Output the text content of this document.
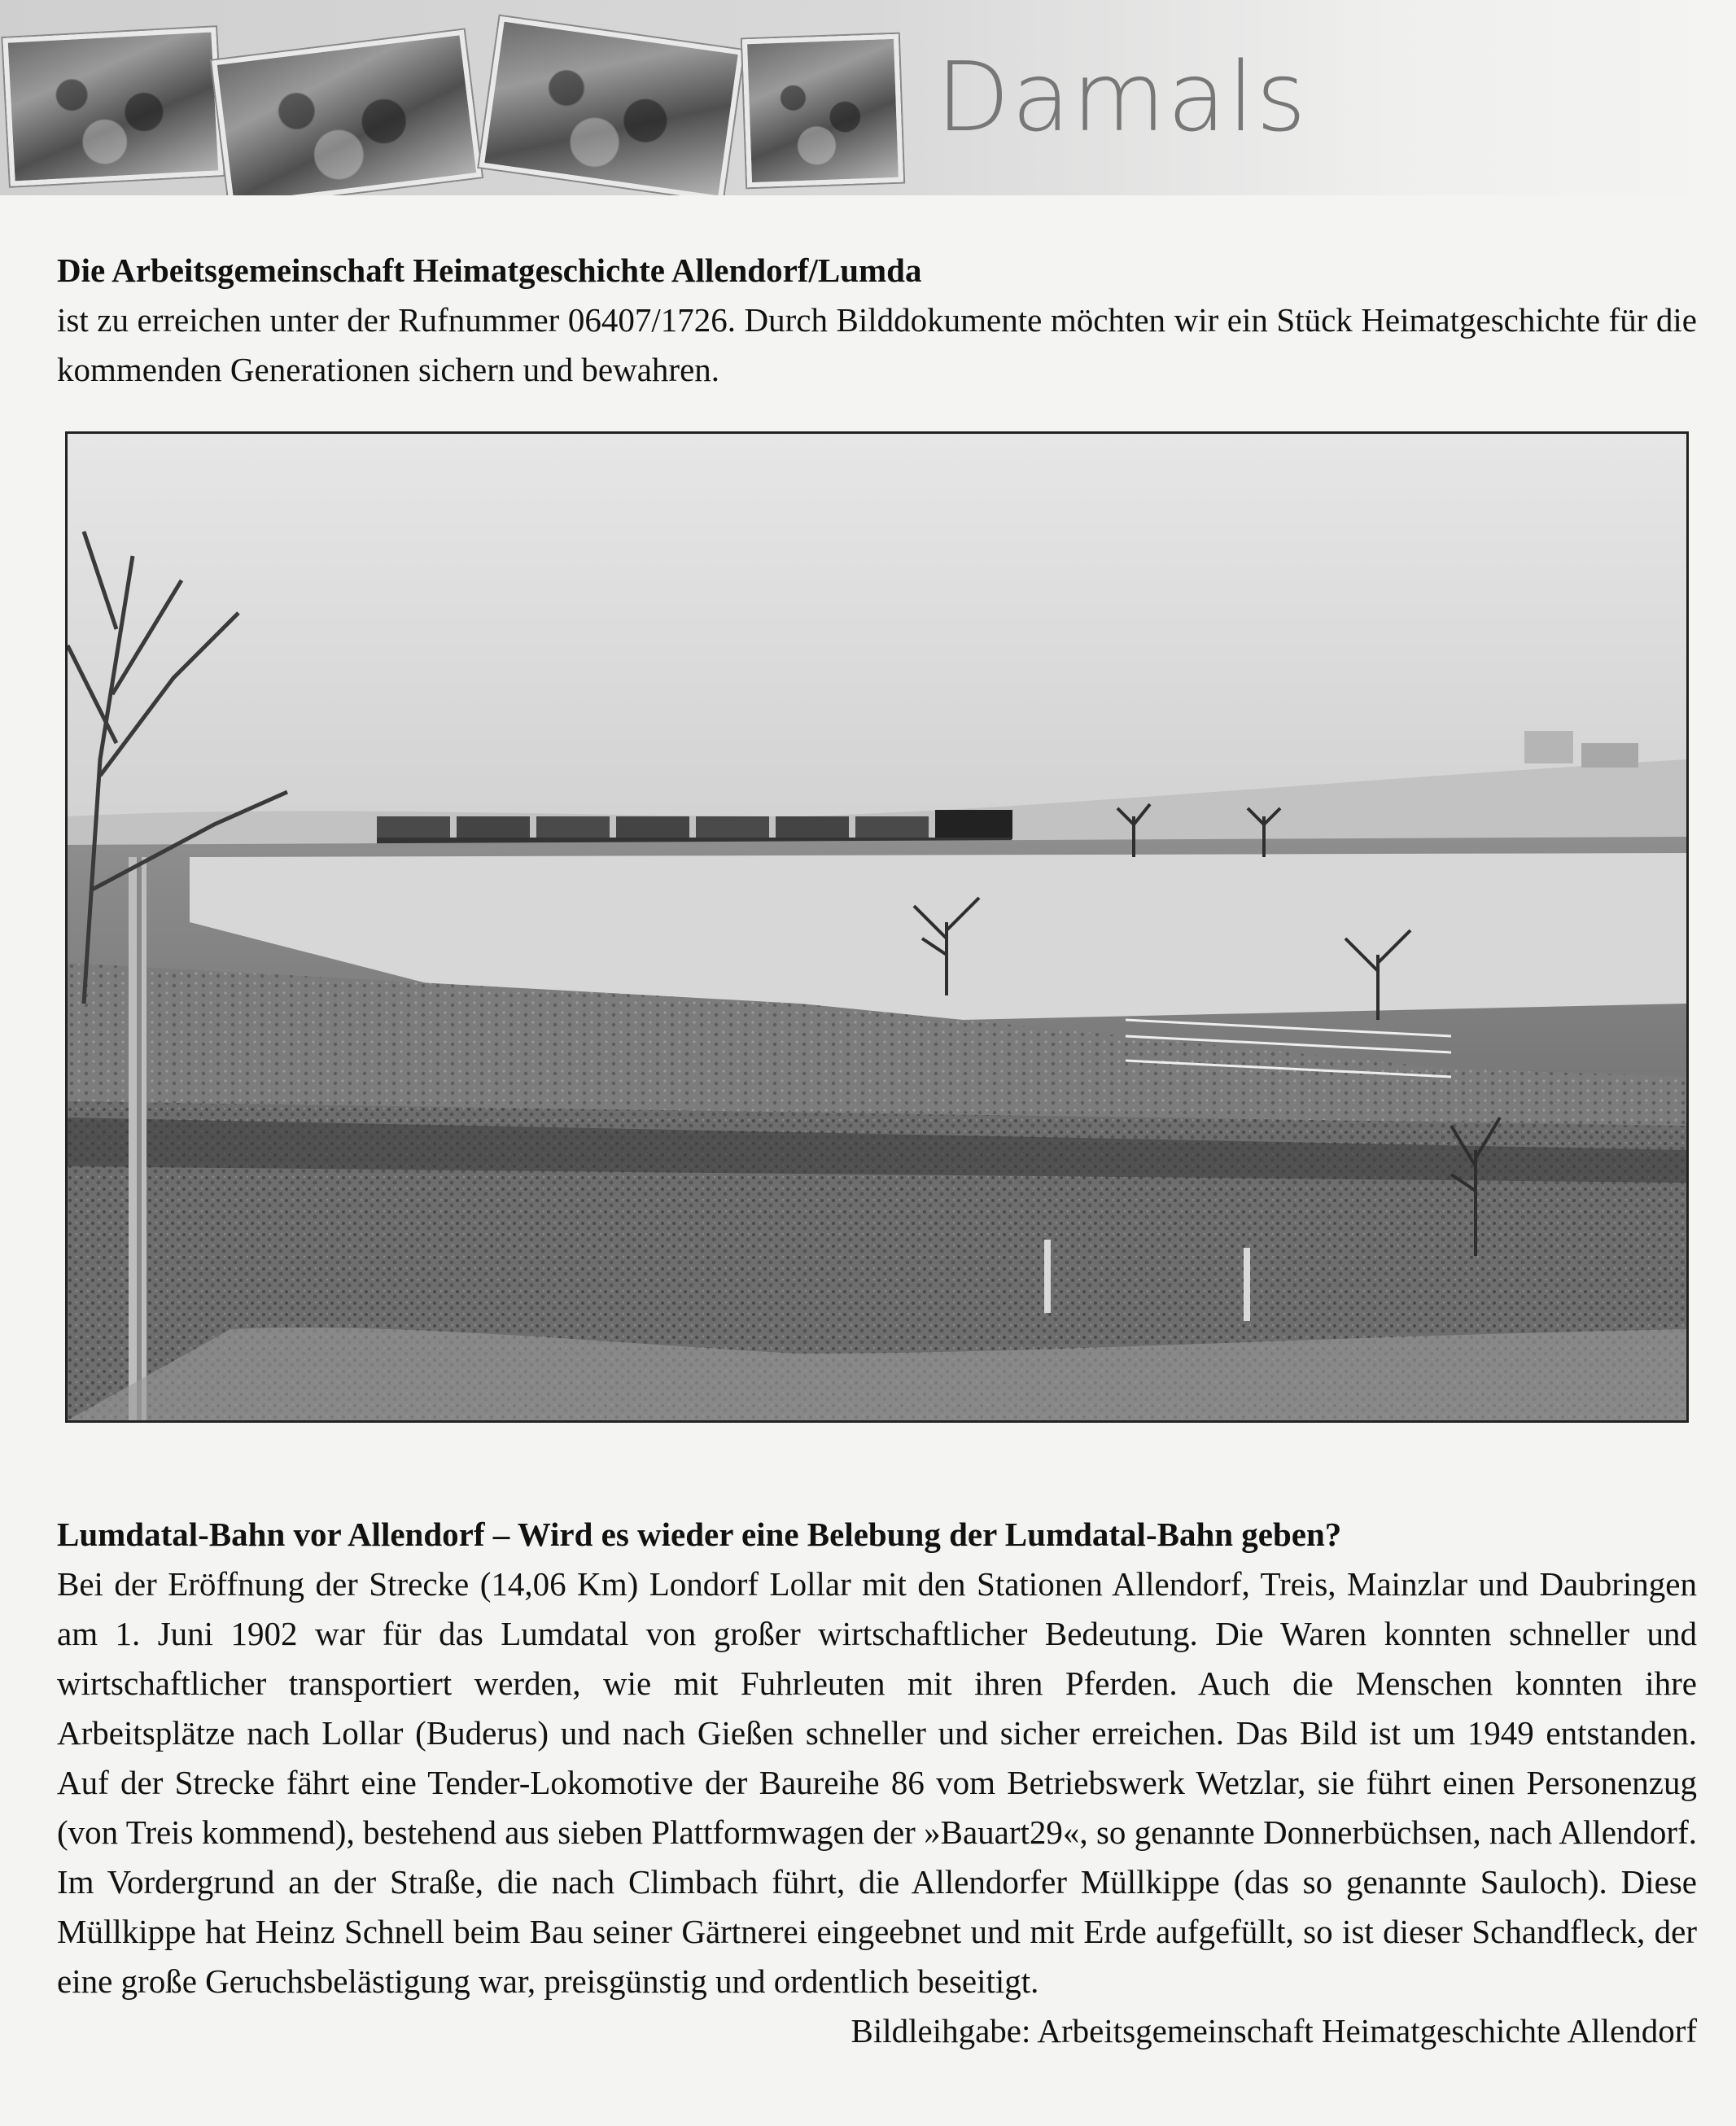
Damals
Die Arbeitsgemeinschaft Heimatgeschichte Allendorf/Lumda

ist zu erreichen unter der Rufnummer 06407/1726. Durch Bilddokumente möchten wir ein Stück Heimatgeschichte für die kommenden Generationen sichern und bewahren.

Lumdatal-Bahn vor Allendorf – Wird es wieder eine Belebung der Lumdatal-Bahn geben?

Bei der Eröffnung der Strecke (14,06 Km) Londorf Lollar mit den Stationen Allendorf, Treis, Mainzlar und Daubringen am 1. Juni 1902 war für das Lumdatal von großer wirtschaftlicher Bedeutung. Die Waren konnten schneller und wirtschaftlicher transportiert werden, wie mit Fuhrleuten mit ihren Pferden. Auch die Menschen konnten ihre Arbeitsplätze nach Lollar (Buderus) und nach Gießen schneller und sicher erreichen. Das Bild ist um 1949 entstanden. Auf der Strecke fährt eine Tender-Lokomotive der Baureihe 86 vom Betriebswerk Wetzlar, sie führt einen Personenzug (von Treis kommend), bestehend aus sieben Plattformwagen der »Bauart29«, so genannte Donnerbüchsen, nach Allendorf. Im Vordergrund an der Straße, die nach Climbach führt, die Allendorfer Müllkippe (das so genannte Sauloch). Diese Müllkippe hat Heinz Schnell beim Bau seiner Gärtnerei eingeebnet und mit Erde aufgefüllt, so ist dieser Schandfleck, der eine große Geruchsbelästigung war, preisgünstig und ordentlich beseitigt.

Bildleihgabe: Arbeitsgemeinschaft Heimatgeschichte Allendorf
